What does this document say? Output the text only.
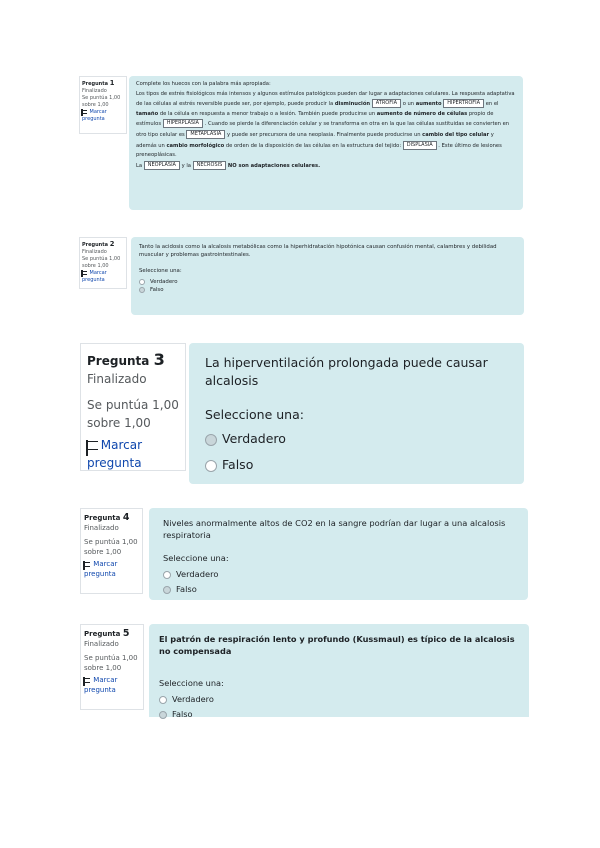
Pregunta 1
Finalizado
Se puntúa 1,00 sobre 1,00
Marcar pregunta
Complete los huecos con la palabra más apropiada:
Los tipos de estrés fisiológicos más intensos y algunos estímulos patológicos pueden dar lugar a adaptaciones celulares. La respuesta adaptativa de las células al estrés reversible puede ser, por ejemplo, puede producir la disminución ATROFIA o un aumento HIPERTROFIA en el tamaño de la célula en respuesta a menor trabajo o a lesión. También puede producirse un aumento de número de células propio de estímulos HIPERPLASIA . Cuando se pierde la diferenciación celular y se transforma en otra en la que las células sustituidas se convierten en otro tipo celular es METAPLASIA y puede ser precursora de una neoplasia. Finalmente puede producirse un cambio del tipo celular y además un cambio morfológico de orden de la disposición de las células en la estructura del tejido: DISPLASIA . Este último de lesiones preneoplásicas.
La NEOPLASIA y la NECROSIS NO son adaptaciones celulares.
Pregunta 2
Finalizado
Se puntúa 1,00 sobre 1,00
Marcar pregunta
Tanto la acidosis como la alcalosis metabólicas como la hiperhidratación hipotónica causan confusión mental, calambres y debilidad muscular y problemas gastrointestinales.
Seleccione una:
Verdadero
Falso
Pregunta 3
Finalizado
Se puntúa 1,00 sobre 1,00
Marcar pregunta
La hiperventilación prolongada puede causar alcalosis
Seleccione una:
Verdadero
Falso
Pregunta 4
Finalizado
Se puntúa 1,00 sobre 1,00
Marcar pregunta
Niveles anormalmente altos de CO2 en la sangre podrían dar lugar a una alcalosis respiratoria
Seleccione una:
Verdadero
Falso
Pregunta 5
Finalizado
Se puntúa 1,00 sobre 1,00
Marcar pregunta
El patrón de respiración lento y profundo (Kussmaul) es típico de la alcalosis no compensada
Seleccione una:
Verdadero
Falso
